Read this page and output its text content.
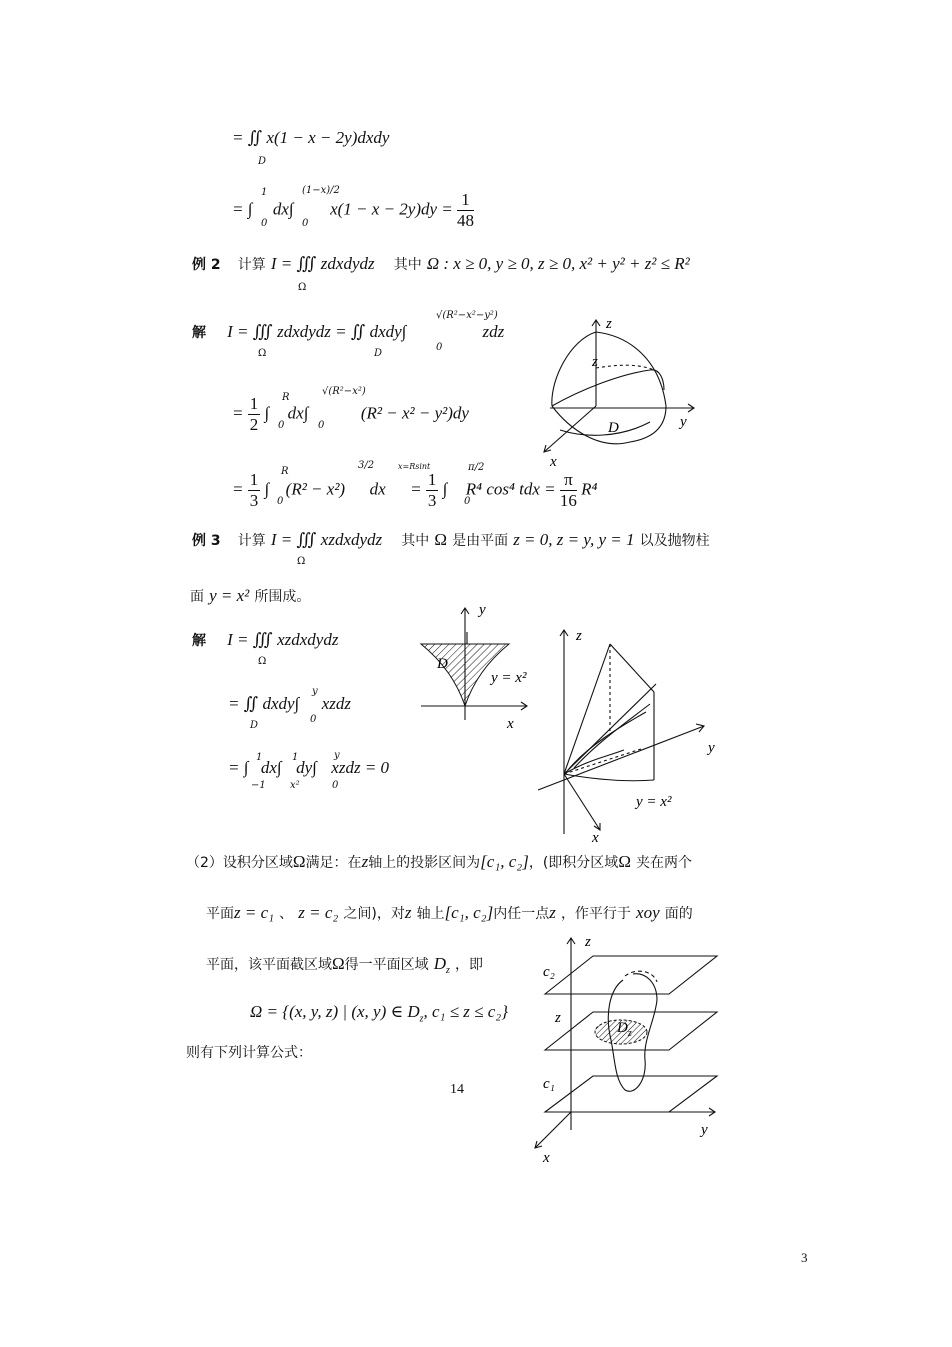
= ∬ x(1 − x − 2y)dxdy
D
= ∫ dx∫ $x(1 - x - 2y)dy = \frac{1}{48}$
1
0
(1−x)/2
0
例 2 计算 I = ∭ zdxdydz 其中 Ω : x ≥ 0, y ≥ 0, z ≥ 0, x² + y² + z² ≤ R²
Ω
解 I = ∭ zdxdydz = ∬ dxdy∫	zdz
Ω	D
√(R²−x²−y²)
0
= $\frac{1}{2}$ ∫ dx∫	(R² − x² − y²)dy
R
0
√(R²−x²)
0
= $\frac{1}{3}$ ∫ (R² − x²) dx = $\frac{1}{3}$ ∫ R⁴ cos⁴ tdx = $\frac{\pi}{16} R^4$
R
0
3/2	x=Rsint	π/2
0
例 3 计算 I = ∭ xzdxdydz 其中 Ω 是由平面 z = 0, z = y, y = 1 以及抛物柱
Ω
面 y = x² 所围成。
解 I = ∭ xzdxdydz
Ω
= ∬ dxdy∫ xzdz
D
y
0
= ∫ dx∫ dy∫ xzdz = 0
1
−1
1
x²
y
0
（2）设积分区域Ω满足：在z轴上的投影区间为[c₁, c₂]，(即积分区域Ω 夹在两个
平面z = c₁ 、 z = c₂ 之间)，对z 轴上[c₁, c₂]内任一点z ，作平行于 xoy 面的
平面，该平面截区域Ω得一平面区域 $D_z$ ，即
Ω = {(x, y, z) | (x, y) ∈ $D_z$, c₁ ≤ z ≤ c₂}
则有下列计算公式：
14
3
z
z
y
x
D
y
x
D
y = x²
z
y
x
y = x²
c₂
z
c₁
$D_z$
z
y
x
